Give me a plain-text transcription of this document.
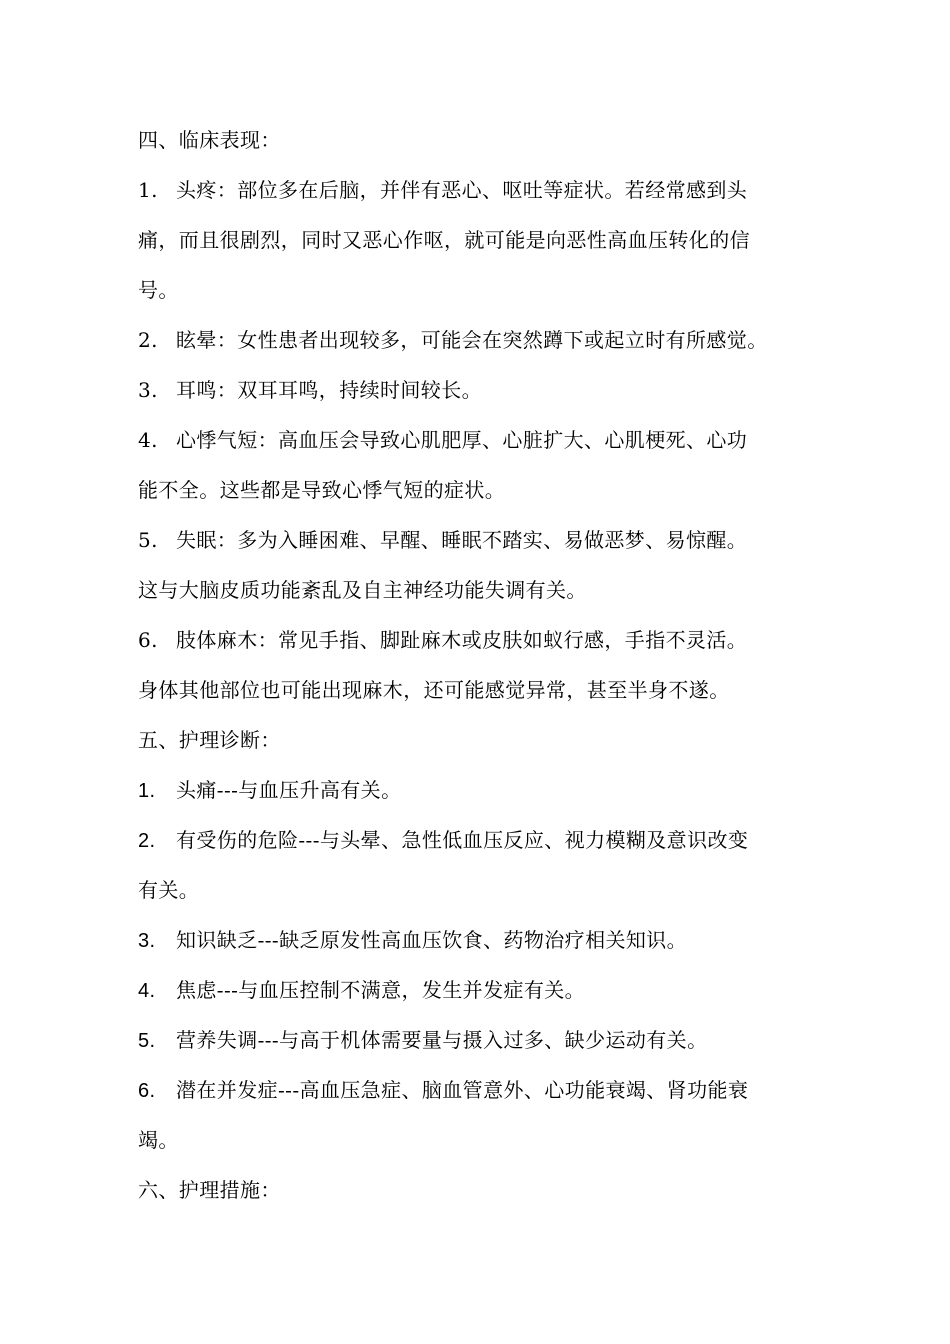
四、临床表现：
1. 头疼：部位多在后脑，并伴有恶心、呕吐等症状。若经常感到头
痛，而且很剧烈，同时又恶心作呕，就可能是向恶性高血压转化的信
号。
2. 眩晕：女性患者出现较多，可能会在突然蹲下或起立时有所感觉。
3. 耳鸣：双耳耳鸣，持续时间较长。
4. 心悸气短：高血压会导致心肌肥厚、心脏扩大、心肌梗死、心功
能不全。这些都是导致心悸气短的症状。
5. 失眠：多为入睡困难、早醒、睡眠不踏实、易做恶梦、易惊醒。
这与大脑皮质功能紊乱及自主神经功能失调有关。
6. 肢体麻木：常见手指、脚趾麻木或皮肤如蚁行感，手指不灵活。
身体其他部位也可能出现麻木，还可能感觉异常，甚至半身不遂。
五、护理诊断：
1. 头痛---与血压升高有关。
2. 有受伤的危险---与头晕、急性低血压反应、视力模糊及意识改变
有关。
3. 知识缺乏---缺乏原发性高血压饮食、药物治疗相关知识。
4. 焦虑---与血压控制不满意，发生并发症有关。
5. 营养失调---与高于机体需要量与摄入过多、缺少运动有关。
6. 潜在并发症---高血压急症、脑血管意外、心功能衰竭、肾功能衰
竭。
六、护理措施：
